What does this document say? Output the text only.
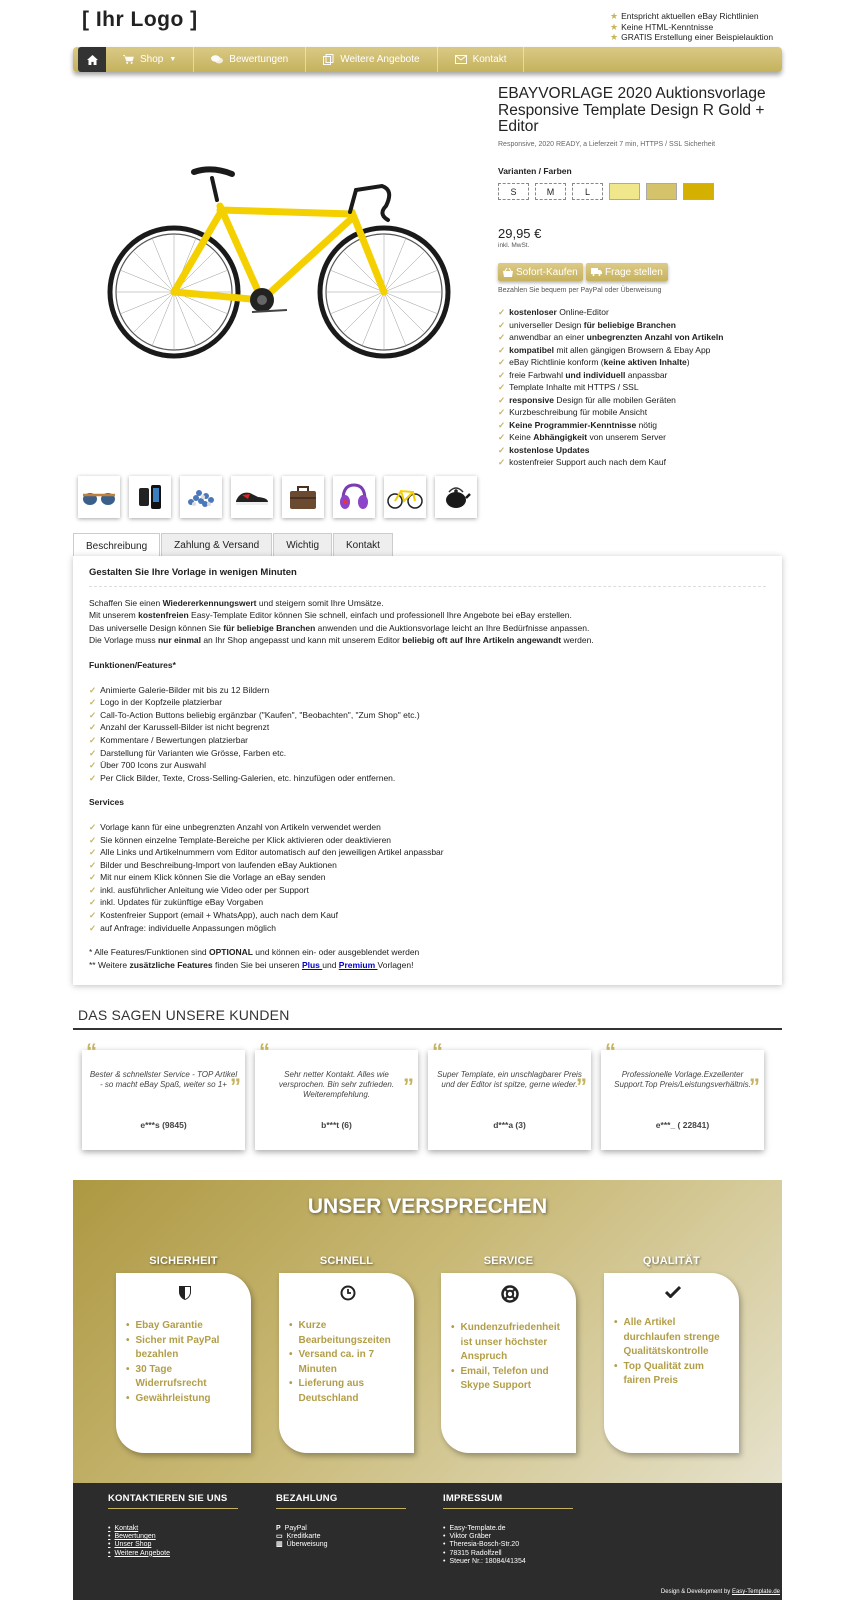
[ Ihr Logo ]	★ Entspricht aktuellen eBay Richtlinien
★ Keine HTML-Kenntnisse
★ GRATIS Erstellung einer Beispielauktion
Shop ▼	Bewertungen	Weitere Angebote	Kontakt
EBAYVORLAGE 2020 Auktionsvorlage Responsive Template Design R Gold + Editor
Responsive, 2020 READY, a Lieferzeit 7 min, HTTPS / SSL Sicherheit
Varianten / Farben
S	M	L
29,95 €
inkl. MwSt.
Sofort-Kaufen	Frage stellen
Bezahlen Sie bequem per PayPal oder Überweisung
✓ kostenloser Online-Editor
✓ universeller Design für beliebige Branchen
✓ anwendbar an einer unbegrenzten Anzahl von Artikeln
✓ kompatibel mit allen gängigen Browsern & Ebay App
✓ eBay Richtlinie konform (keine aktiven Inhalte)
✓ freie Farbwahl und individuell anpassbar
✓ Template Inhalte mit HTTPS / SSL
✓ responsive Design für alle mobilen Geräten
✓ Kurzbeschreibung für mobile Ansicht
✓ Keine Programmier-Kenntnisse nötig
✓ Keine Abhängigkeit von unserem Server
✓ kostenlose Updates
✓ kostenfreier Support auch nach dem Kauf
Beschreibung	Zahlung & Versand	Wichtig	Kontakt
Gestalten Sie Ihre Vorlage in wenigen Minuten
Schaffen Sie einen Wiedererkennungswert und steigern somit Ihre Umsätze.
Mit unserem kostenfreien Easy-Template Editor können Sie schnell, einfach und professionell Ihre Angebote bei eBay erstellen.
Das universelle Design können Sie für beliebige Branchen anwenden und die Auktionsvorlage leicht an Ihre Bedürfnisse anpassen.
Die Vorlage muss nur einmal an Ihr Shop angepasst und kann mit unserem Editor beliebig oft auf Ihre Artikeln angewandt werden.
Funktionen/Features*
✓ Animierte Galerie-Bilder mit bis zu 12 Bildern
✓ Logo in der Kopfzeile platzierbar
✓ Call-To-Action Buttons beliebig ergänzbar ("Kaufen", "Beobachten", "Zum Shop" etc.)
✓ Anzahl der Karussell-Bilder ist nicht begrenzt
✓ Kommentare / Bewertungen platzierbar
✓ Darstellung für Varianten wie Grösse, Farben etc.
✓ Über 700 Icons zur Auswahl
✓ Per Click Bilder, Texte, Cross-Selling-Galerien, etc. hinzufügen oder entfernen.
Services
✓ Vorlage kann für eine unbegrenzten Anzahl von Artikeln verwendet werden
✓ Sie können einzelne Template-Bereiche per Klick aktivieren oder deaktivieren
✓ Alle Links und Artikelnummern vom Editor automatisch auf den jeweiligen Artikel anpassbar
✓ Bilder und Beschreibung-Import von laufenden eBay Auktionen
✓ Mit nur einem Klick können Sie die Vorlage an eBay senden
✓ inkl. ausführlicher Anleitung wie Video oder per Support
✓ inkl. Updates für zukünftige eBay Vorgaben
✓ Kostenfreier Support (email + WhatsApp), auch nach dem Kauf
✓ auf Anfrage: individuelle Anpassungen möglich
* Alle Features/Funktionen sind OPTIONAL und können ein- oder ausgeblendet werden
** Weitere zusätzliche Features finden Sie bei unseren Plus und Premium Vorlagen!
DAS SAGEN UNSERE KUNDEN
“
Bester & schnellster Service - TOP Artikel - so macht eBay Spaß, weiter so 1+ ”
e***s (9845)
“
Sehr netter Kontakt. Alles wie versprochen. Bin sehr zufrieden. Weiterempfehlung.	”
b***t (6)
“
Super Template, ein unschlagbarer Preis und der Editor ist spitze, gerne wieder.
”
d***a (3)
“
Professionelle Vorlage.Exzellenter Support.Top Preis/Leistungsverhältnis.
”
e***_ ( 22841)
UNSER VERSPRECHEN
SICHERHEIT
• Ebay Garantie
• Sicher mit PayPal bezahlen
• 30 Tage Widerrufsrecht
• Gewährleistung
SCHNELL
• Kurze Bearbeitungszeiten
• Versand ca. in 7 Minuten
• Lieferung aus Deutschland
SERVICE
• Kundenzufriedenheit ist unser höchster Anspruch
• Email, Telefon und Skype Support
QUALITÄT
• Alle Artikel durchlaufen strenge Qualitätskontrolle
• Top Qualität zum fairen Preis
KONTAKTIEREN SIE UNS
• Kontakt
• Bewertungen
• Unser Shop
• Weitere Angebote
BEZAHLUNG
P PayPal
▭ Kreditkarte
▥ Überweisung
IMPRESSUM
• Easy-Template.de
• Viktor Gräber
• Theresia-Bosch-Str.20
• 78315 Radolfzell
• Steuer Nr.: 18084/41354
Design & Development by Easy-Template.de
